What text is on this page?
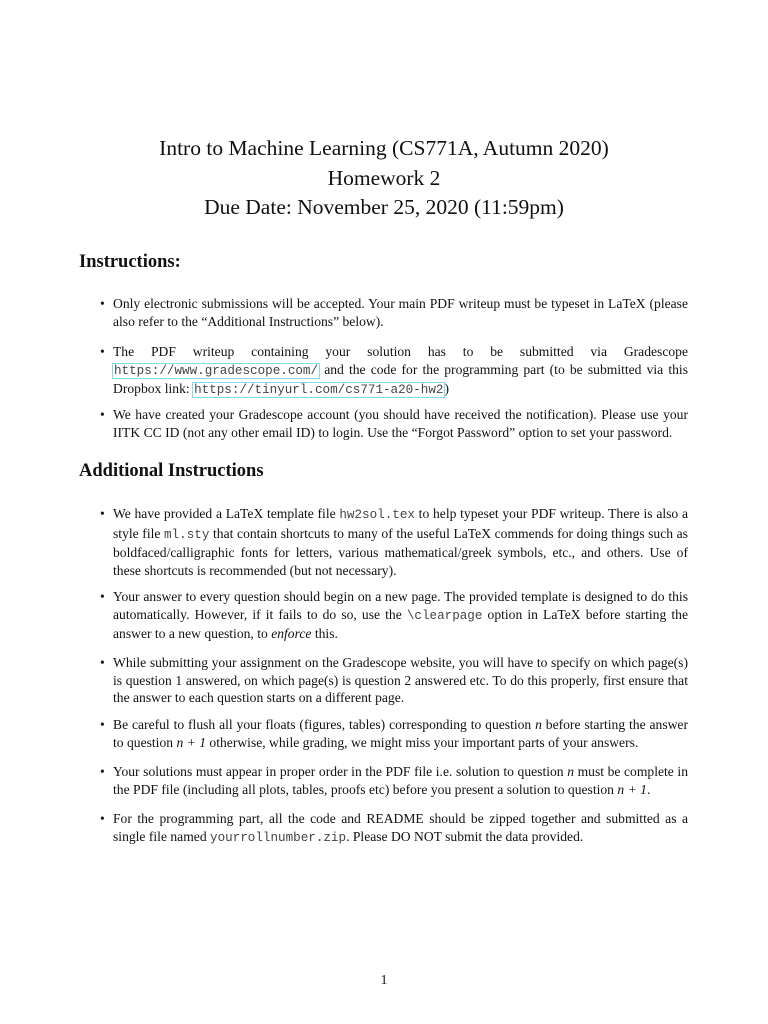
Intro to Machine Learning (CS771A, Autumn 2020)
Homework 2
Due Date: November 25, 2020 (11:59pm)
Instructions:
• Only electronic submissions will be accepted. Your main PDF writeup must be typeset in LaTeX (please also refer to the “Additional Instructions” below).
• The PDF writeup containing your solution has to be submitted via Gradescope https://www.gradescope.com/ and the code for the programming part (to be submitted via this Dropbox link: https://tinyurl.com/cs771-a20-hw2)
• We have created your Gradescope account (you should have received the notification). Please use your IITK CC ID (not any other email ID) to login. Use the “Forgot Password” option to set your password.
Additional Instructions
• We have provided a LaTeX template file hw2sol.tex to help typeset your PDF writeup. There is also a style file ml.sty that contain shortcuts to many of the useful LaTeX commends for doing things such as boldfaced/calligraphic fonts for letters, various mathematical/greek symbols, etc., and others. Use of these shortcuts is recommended (but not necessary).
• Your answer to every question should begin on a new page. The provided template is designed to do this automatically. However, if it fails to do so, use the \clearpage option in LaTeX before starting the answer to a new question, to enforce this.
• While submitting your assignment on the Gradescope website, you will have to specify on which page(s) is question 1 answered, on which page(s) is question 2 answered etc. To do this properly, first ensure that the answer to each question starts on a different page.
• Be careful to flush all your floats (figures, tables) corresponding to question n before starting the answer to question n + 1 otherwise, while grading, we might miss your important parts of your answers.
• Your solutions must appear in proper order in the PDF file i.e. solution to question n must be complete in the PDF file (including all plots, tables, proofs etc) before you present a solution to question n + 1.
• For the programming part, all the code and README should be zipped together and submitted as a single file named yourrollnumber.zip. Please DO NOT submit the data provided.
1
